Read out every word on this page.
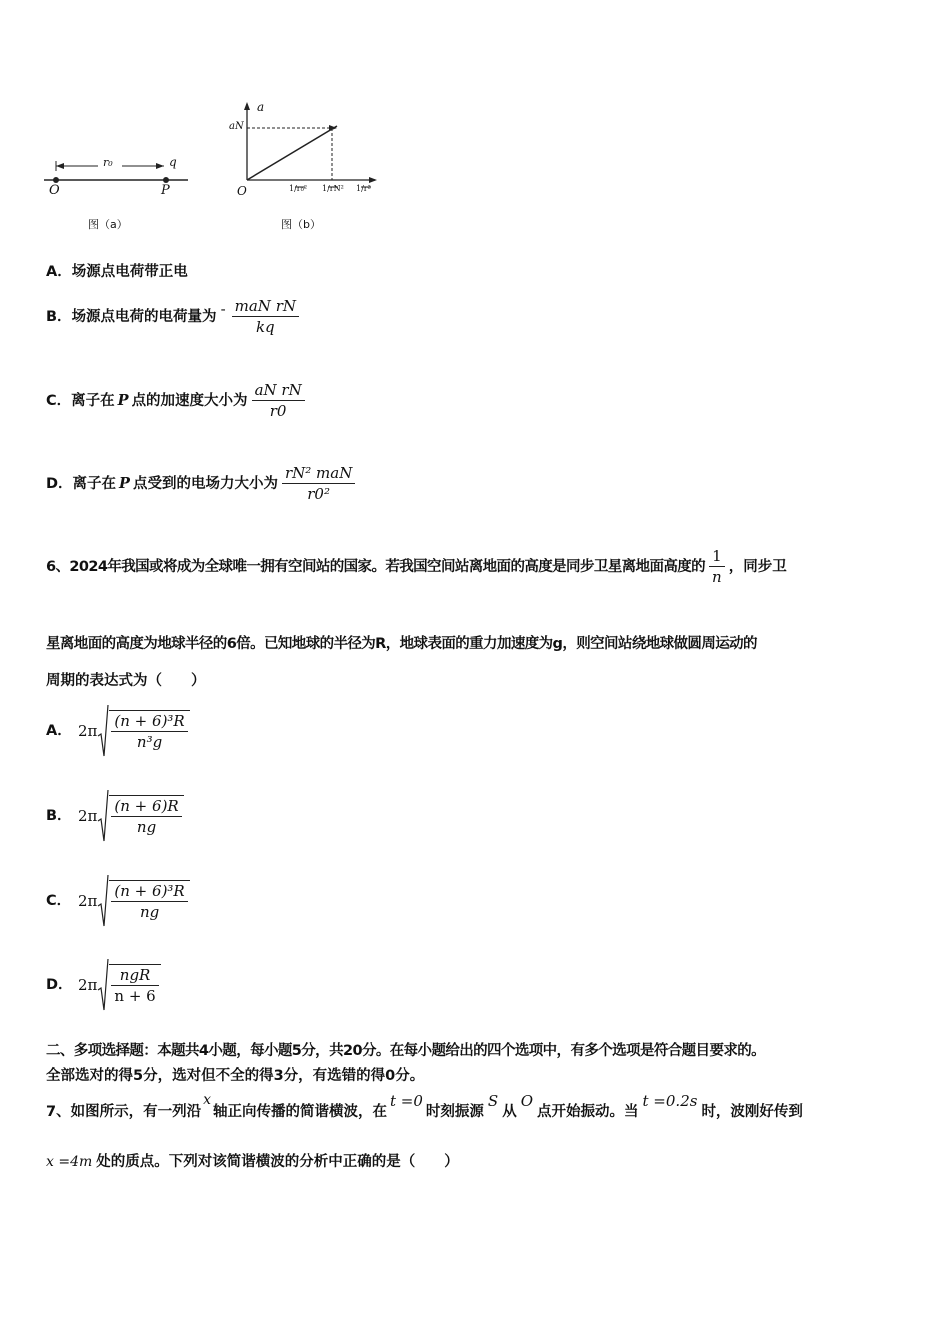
r₀	q
O	P
图（a）
a
aN
O	1/r₀² 1/rN² 1/r²
图（b）
A．场源点电荷带正电
B． 场源点电荷的电荷量为 - $\frac{\text{maN rN}}{kq}$
C． 离子在 P 点的加速度大小为 $\frac{\text{aN rN}}{r0}$
D． 离子在 P 点受到的电场力大小为 $\frac{\text{rN² maN}}{\text{r0²}}$
6、2024年我国或将成为全球唯一拥有空间站的国家。若我国空间站离地面的高度是同步卫星离地面高度的 $\frac{1}{n}$ ，同步卫
星离地面的高度为地球半径的6倍。已知地球的半径为R，地球表面的重力加速度为g，则空间站绕地球做圆周运动的
周期的表达式为（　　）
A． $2\pi \frac{\text{(n + 6)³R}}{\text{n³g}}$
B． $2\pi \frac{(n + 6)R}{ng}$
C． $2\pi \frac{\text{(n + 6)³R}}{ng}$
D． $2\pi \frac{\text{ngR}}{n + 6}$
二、多项选择题：本题共4小题，每小题5分，共20分。在每小题给出的四个选项中，有多个选项是符合题目要求的。
全部选对的得5分，选对但不全的得3分，有选错的得0分。
7、如图所示，有一列沿
x
轴正向传播的简谐横波，在
t =0
时刻振源
S
从
O
点开始振动。当
t =0.2s
时，波刚好传到
x =4m 处的质点。下列对该简谐横波的分析中正确的是（　　）
